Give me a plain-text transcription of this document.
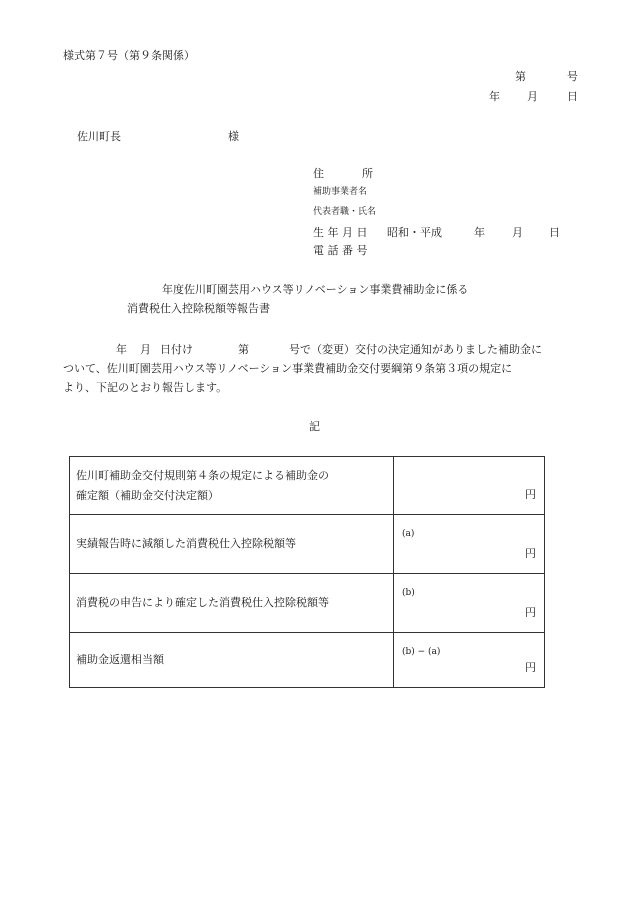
様式第７号（第９条関係）
第	号
年 月	日
佐川町長	様
住	所
補助事業者名
代表者職・氏名
生 年 月 日 昭和・平成	年 月 日
電 話 番 号
年度佐川町園芸用ハウス等リノベーション事業費補助金に係る
消費税仕入控除税額等報告書
年 月 日付け	第	号で（変更）交付の決定通知がありました補助金に
ついて、佐川町園芸用ハウス等リノベーション事業費補助金交付要綱第９条第３項の規定に
より、下記のとおり報告します。
記
佐川町補助金交付規則第４条の規定による補助金の
確定額（補助金交付決定額）	円

実績報告時に減額した消費税仕入控除税額等	(a)
円

消費税の申告により確定した消費税仕入控除税額等	(b)
円

補助金返還相当額	(b) − (a)
円
